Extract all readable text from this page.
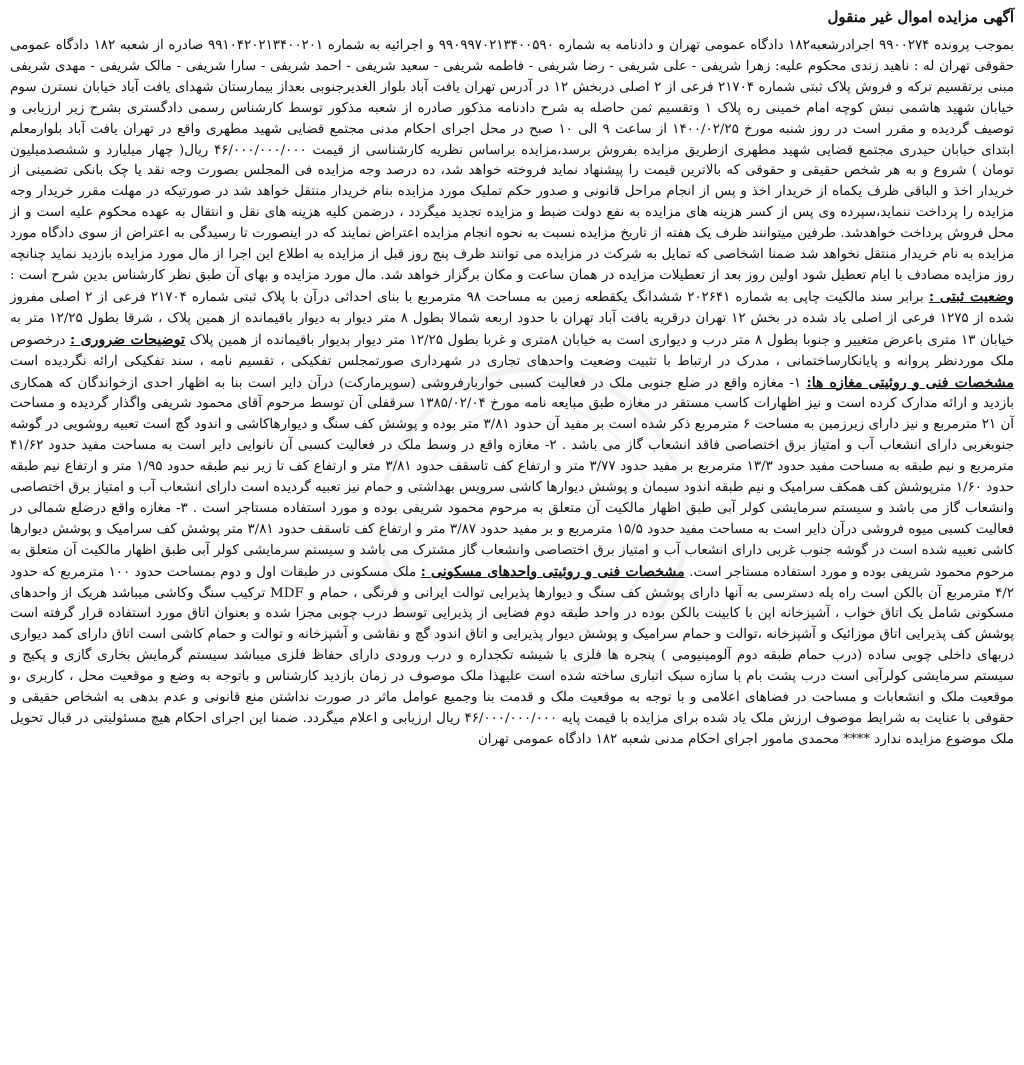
آگهی مزایده اموال غیر منقول

بموجب پرونده ۹۹۰۰۲۷۴ اجرادرشعبه۱۸۲ دادگاه عمومی تهران و دادنامه به شماره ۹۹۰۹۹۷۰۲۱۳۴۰۰۵۹۰ و اجرائیه به شماره ۹۹۱۰۴۲۰۲۱۳۴۰۰۲۰۱ صادره از شعبه ۱۸۲ دادگاه عمومی حقوقی تهران له : ناهید زندی محکوم علیه: زهرا شریفی - علی شریفی - رضا شریفی - فاطمه شریفی - سعید شریفی - احمد شریفی - سارا شریفی - مالک شریفی - مهدی شریفی مبنی برتقسیم ترکه و فروش پلاک ثبتی شماره ۲۱۷۰۴ فرعی از ۲ اصلی دربخش ۱۲ در آدرس تهران یافت آباد بلوار الغدیرجنوبی بعداز بیمارستان شهدای یافت آباد خیابان نسترن سوم خیابان شهید هاشمی نبش کوچه امام خمینی ره پلاک ۱ وتقسیم ثمن حاصله به شرح دادنامه مذکور صادره از شعبه مذکور توسط کارشناس رسمی دادگستری بشرح زیر ارزیابی و توصیف گردیده و مقرر است در روز شنبه مورخ ۱۴۰۰/۰۲/۲۵ از ساعت ۹ الی ۱۰ صبح در محل اجرای احکام مدنی مجتمع قضایی شهید مطهری واقع در تهران یافت آباد بلوارمعلم ابتدای خیابان حیدری مجتمع قضایی شهید مطهری ازطریق مزایده بفروش برسد،مزایده براساس نظریه کارشناسی از قیمت ۴۶/۰۰۰/۰۰۰/۰۰۰ ریال( چهار میلیارد و ششصدمیلیون تومان ) شروع و به هر شخص حقیقی و حقوقی که بالاترین قیمت را پیشنهاد نماید فروخته خواهد شد، ده درصد وجه مزایده فی المجلس بصورت وجه نقد یا چک بانکی تضمینی از خریدار اخذ و الباقی ظرف یکماه از خریدار اخذ و پس از انجام مراحل قانونی و صدور حکم تملیک مورد مزایده بنام خریدار منتقل خواهد شد در صورتیکه در مهلت مقرر خریدار وجه مزایده را پرداخت ننماید،سپرده وی پس از کسر هزینه های مزایده به نفع دولت ضبط و مزایده تجدید میگردد ، درضمن کلیه هزینه های نقل و انتقال به عهده محکوم علیه است و از محل فروش پرداخت خواهدشد. طرفین میتوانند ظرف یک هفته از تاریخ مزایده نسبت به نحوه انجام مزایده اعتراض نمایند که در اینصورت تا رسیدگی به اعتراض از سوی دادگاه مورد مزایده به نام خریدار منتقل نخواهد شد ضمنا اشخاصی که تمایل به شرکت در مزایده می توانند ظرف پنج روز قبل از مزایده به اطلاع این اجرا از مال مورد مزایده بازدید نماید چنانچه روز مزایده مصادف با ایام تعطیل شود اولین روز بعد از تعطیلات مزایده در همان ساعت و مکان برگزار خواهد شد. مال مورد مزایده و بهای آن طبق نظر کارشناس بدین شرح است : وضعیت ثبتی : برابر سند مالکیت چاپی به شماره ۲۰۲۶۴۱ ششدانگ یکقطعه زمین به مساحت ۹۸ مترمربع با بنای احداثی درآن با پلاک ثبتی شماره ۲۱۷۰۴ فرعی از ۲ اصلی مفروز شده از ۱۲۷۵ فرعی از اصلی یاد شده در بخش ۱۲ تهران درقریه یافت آباد تهران با حدود اربعه شمالا بطول ۸ متر دیوار به دیوار باقیمانده از همین پلاک ، شرقا بطول ۱۲/۲۵ متر به خیابان ۱۳ متری باعرض متغییر و جنوبا بطول ۸ متر درب و دیواری است به خیابان ۸متری و غربا بطول ۱۲/۲۵ متر دیوار بدیوار باقیمانده از همین پلاک توضیحات ضروری : درخصوص ملک موردنظر پروانه و پایانکارساختمانی ، مدرک در ارتباط با تثبیت وضعیت واحدهای تجاری در شهرداری صورتمجلس تفکیکی ، تقسیم نامه ، سند تفکیکی ارائه نگردیده است مشخصات فنی و روئیتی مغازه ها: ۱- مغازه واقع در ضلع جنوبی ملک در فعالیت کسبی خواربارفروشی (سوپرمارکت) درآن دایر است بنا به اظهار احدی ازخواندگان که همکاری بازدید و ارائه مدارک کرده است و نیز اظهارات کاسب مستقر در مغازه طبق مبایعه نامه مورخ ۱۳۸۵/۰۲/۰۴ سرقفلی آن توسط مرحوم آقای محمود شریفی واگذار گردیده و مساحت آن ۲۱ مترمربع و نیز دارای زیرزمین به مساحت ۶ مترمربع ذکر شده است بر مفید آن حدود ۳/۸۱ متر بوده و پوشش کف سنگ و دیوارهاکاشی و اندود گچ است تعبیه روشویی در گوشه جنوبغربی دارای انشعاب آب و امتیاز برق اختصاصی فاقد انشعاب گاز می باشد . ۲- مغازه واقع در وسط ملک در فعالیت کسبی آن نانوایی دایر است به مساحت مفید حدود ۴۱/۶۲ مترمربع و نیم طبقه به مساحت مفید حدود ۱۳/۳ مترمربع بر مفید حدود ۳/۷۷ متر و ارتفاع کف تاسقف حدود ۳/۸۱ متر و ارتفاع کف تا زیر نیم طبقه حدود ۱/۹۵ متر و ارتفاع نیم طبقه حدود ۱/۶۰ مترپوشش کف همکف سرامیک و نیم طبقه اندود سیمان و پوشش دیوارها کاشی سرویس بهداشتی و حمام نیز تعبیه گردیده است دارای انشعاب آب و امتیاز برق اختصاصی وانشعاب گاز می باشد و سیستم سرمایشی کولر آبی طبق اظهار مالکیت آن متعلق به مرحوم محمود شریفی بوده و مورد استفاده مستاجر است . ۳- مغازه واقع درضلع شمالی در فعالیت کسبی میوه فروشی درآن دایر است به مساحت مفید حدود ۱۵/۵ مترمربع و بر مفید حدود ۳/۸۷ متر و ارتفاع کف تاسقف حدود ۳/۸۱ متر پوشش کف سرامیک و پوشش دیوارها کاشی تعبیه شده است در گوشه جنوب غربی دارای انشعاب آب و امتیاز برق اختصاصی وانشعاب گاز مشترک می باشد و سیستم سرمایشی کولر آبی طبق اظهار مالکیت آن متعلق به مرحوم محمود شریفی بوده و مورد استفاده مستاجر است. مشخصات فنی و روئیتی واحدهای مسکونی : ملک مسکونی در طبقات اول و دوم بمساحت حدود ۱۰۰ مترمربع که حدود ۴/۲ مترمربع آن بالکن است راه پله دسترسی به آنها دارای پوشش کف سنگ و دیوارها پذیرایی توالت ایرانی و فرنگی ، حمام و MDF ترکیب سنگ وکاشی میباشد هریک از واحدهای مسکونی شامل یک اتاق خواب ، آشپزخانه اپن با کابینت بالکن بوده در واحد طبقه دوم فضایی از پذیرایی توسط درب چوبی مجزا شده و بعنوان اتاق مورد استفاده قرار گرفته است پوشش کف پذیرایی اتاق موزائیک و آشپزخانه ،توالت و حمام سرامیک و پوشش دیوار پذیرایی و اتاق اندود گچ و نقاشی و آشپزخانه و توالت و حمام کاشی است اتاق دارای کمد دیواری دربهای داخلی چوبی ساده (درب حمام طبقه دوم آلومینیومی ) پنجره ها فلزی با شیشه تکجداره و درب ورودی دارای حفاظ فلزی میباشد سیستم گرمایش بخاری گازی و پکیج و سیستم سرمایشی کولرآبی است درب پشت بام با سازه سبک اتباری ساخته شده است علیهذا ملک موصوف در زمان بازدید کارشناس و باتوجه به وضع و موقعیت محل ، کاربری ،و موقعیت ملک و انشعابات و مساحت در فضاهای اعلامی و با توجه به موقعیت ملک و قدمت بنا وجمیع عوامل ماثر در صورت نداشتن منع قانونی و عدم بدهی به اشخاص حقیقی و حقوقی با عنایت به شرایط موصوف ارزش ملک یاد شده برای مزایده با قیمت پایه ۴۶/۰۰۰/۰۰۰/۰۰۰ ریال ارزیابی و اعلام میگردد. ضمنا این اجرای احکام هیچ مسئولیتی در قبال تحویل ملک موضوع مزایده ندارد **** محمدی مامور اجرای احکام مدنی شعبه ۱۸۲ دادگاه عمومی تهران
